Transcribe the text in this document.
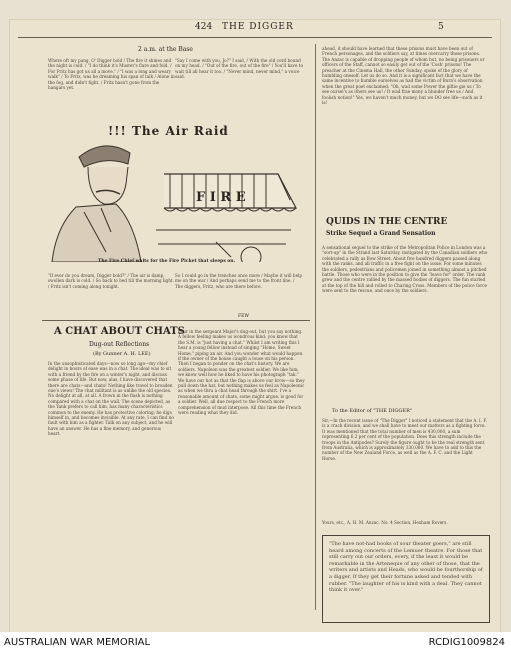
424 THE DIGGER	5
2 a.m. at the Base
Where oft my pang, O' Digger bold / The fire it shines and the night is cold. / "I do think it's Muster's flare and fold. / For Fritz has got us all a move." / "I was a long and weary walk" / To Fritz, was he dreaming his span of talk / Alone in the fog, and didn't fight. / Fritz hasn't gone from the hangars yet.
"Say I come with you, Jo?" I said, / With the old cord bound on my head. / "Out of the fire, out of the fire" / You'll have to wait till all hear it too. / "Never mind, never mind," a voice said.
F I R E
!!! The Air Raid
The Fire Chief waits for the Fire Picket that sleeps on.
"If ever do you dream, Digger bold?" / The air is damp, swollen dark is cold. / So back to bed till the morning light. / Fritz isn't coming along tonight.
So I could go in the trenches once more / Maybe it will help me on the war / And perhaps send me to the front line. / The diggers, Fritz, who are there before.
FEW
A CHAT ABOUT CHATS
Dug-out Reflections
(By Gunner A. H. LEE)
In the unsophisticated days—now so long ago—my chief delight in hours of ease was in a chat. The ideal was to sit with a friend by the fire on a winter's night, and discuss some phase of life. But now, alas, I have discovered that there are chats—and chats! Nothing like travel to broaden one's views! The chat militant is as unlike the old species. No delight at all, at all. A frown in the flash is nothing compared with a chat on the wall. The scene depicted, as the Yank prefers to call him, has many characteristics common to the enemy. He has protective coloring; he digs himself in, and becomes invisible. At any rate, I can find no fault with him as a fighter. Talk on any subject, and he will have an answer. He has a fine memory, and generous heart.
hour in the sergeant Major's dug-out, but you say nothing. A fellow feeling makes us wondrous kind; you know that the S.M. is "just having a chat." Whilst I am writing this I hear a young fellow instead of singing "Home, Sweet Home," piping an air. And you wonder what would happen if the owner of the house caught a louse on his person. Then I began to ponder on the chat's history. We are soldiers. Napoleon was the greatest soldier. We like him; we know well how he liked to have his photograph "tak." We have our hot as that the flap is above our brow—so they pull down the hat, but nothing makes us feel as Napoleonic as when we thru a chat head through the shirt. I've a reasonable amount of chats, some might argue, is good for a soldier. Well, all due respect to the French more comprehension of mud interpose. All this time the French were reading what they did.
ahead, it should have learned that these prisons must have been out of French personages, and the soldiers say, at times overcarry those prisons. The Anzac is capable of dropping people of whom but, no being prisoners or officers of the Staff, cannot so easily get out of the 'Cosh' prisons! The preacher at the Cinema Hall, the other Sunday, spoke of the glory of humbling oneself. Let us do so. And it is a significant fact that we have the same incentive to humble ourselves as had the victim of Burn's observation when the great poet exclaimed: "Oh, wad some Power the giftie gie us / To see oursel's as ithers see us! / It wad frae mony a blunder free us / And foolish notion!" Yes, we haven't much money, but we DO see life—such as it is!
QUIDS IN THE CENTRE
Strike Sequel a Grand Sensation
A sensational sequel to the strike of the Metropolitan Police in London was a "sort-up" in the Strand last Saturday, instigated by the Canadian soldiers who celebrated a rally as Bow Street. About five hundred diggers passed along with the ranks, and all traffic in a free fight on the issue. For some minutes the soldiers, pedestrians and policemen joined in something almost a pitched battle. Those who were in the position to give the "leave for" order. The rank grew and the centre rallied by the massed bodies of diggers. The fun started at the top of the hill and rolled to Charing Cross. Members of the police force were sent to the rescue, and once by the soldiers.
To the Editor of "THE DIGGER"
Sir,—In the recent issue of "The Digger" I noticed a statement that the A. I. F. is a crack division, and we shall have to meet our matters as a fighting force. It was mentioned that the total number of men is 430,000, a sum representing 6.2 per cent of the population. Does this strength include the troops in the Antipodes? Surely the figure ought to be the real strength sent from Australia, which is approximately 330,000. We have to add to this the number of the New Zealand Force, as well as the A. F. C. and the Light Horse.
Yours, etc., A. H. M. Anzac, No. 4 Section, Hexham Rovers.
"The have not-had books of sour theater goers," are still heard among concerts of the Lemuer theatre. For those that still carry out our orders, every, if the least it would be remarkable in the Arteneque of any other of those, that the writers and artists and Heads, who would be fourthorship of a digger. If they get their fortune asked and tended with rubber. "The laughter of his is kind with a deal. They cannot think it over."
AUSTRALIAN WAR MEMORIAL	RCDIG1009824
